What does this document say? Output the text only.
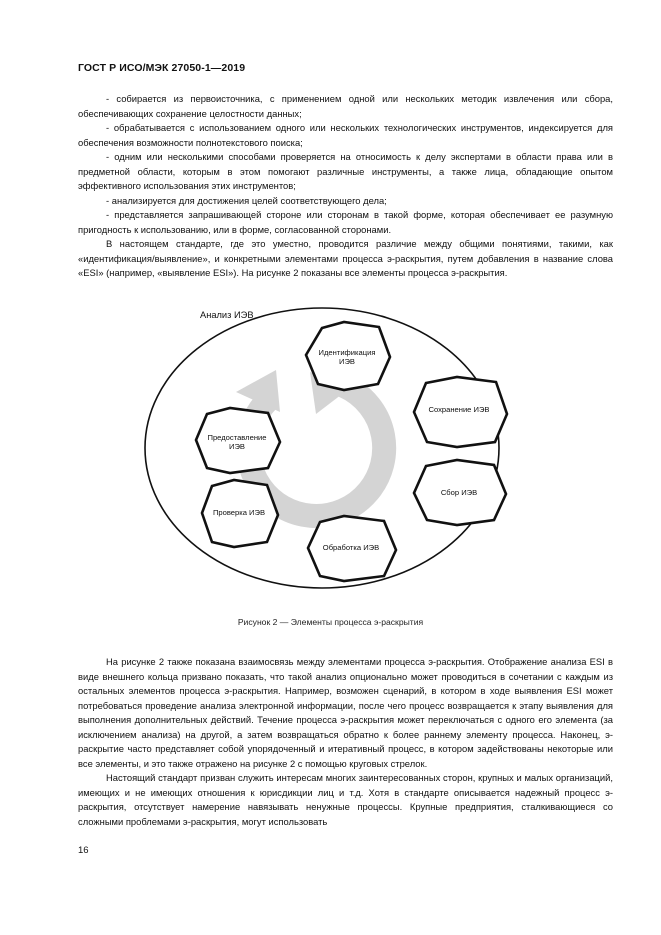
ГОСТ Р ИСО/МЭК 27050-1—2019

- собирается из первоисточника, с применением одной или нескольких методик извлечения или сбора, обеспечивающих сохранение целостности данных;

- обрабатывается с использованием одного или нескольких технологических инструментов, индексируется для обеспечения возможности полнотекстового поиска;

- одним или несколькими способами проверяется на относимость к делу экспертами в области права или в предметной области, которым в этом помогают различные инструменты, а также лица, обладающие опытом эффективного использования этих инструментов;

- анализируется для достижения целей соответствующего дела;

- представляется запрашивающей стороне или сторонам в такой форме, которая обеспечивает ее разумную пригодность к использованию, или в форме, согласованной сторонами.

В настоящем стандарте, где это уместно, проводится различие между общими понятиями, такими, как «идентификация/выявление», и конкретными элементами процесса э-раскрытия, путем добавления в название слова «ESI» (например, «выявление ESI»). На рисунке 2 показаны все элементы процесса э-раскрытия.

Анализ ИЭВ
Идентификация ИЭВ
Сохранение ИЭВ
Сбор ИЭВ
Обработка ИЭВ
Проверка ИЭВ
Предоставление ИЭВ
Рисунок 2 — Элементы процесса э-раскрытия

На рисунке 2 также показана взаимосвязь между элементами процесса э-раскрытия. Отображение анализа ESI в виде внешнего кольца призвано показать, что такой анализ опционально может проводиться в сочетании с каждым из остальных элементов процесса э-раскрытия. Например, возможен сценарий, в котором в ходе выявления ESI может потребоваться проведение анализа электронной информации, после чего процесс возвращается к этапу выявления для выполнения дополнительных действий. Течение процесса э-раскрытия может переключаться с одного его элемента (за исключением анализа) на другой, а затем возвращаться обратно к более раннему элементу процесса. Наконец, э-раскрытие часто представляет собой упорядоченный и итеративный процесс, в котором задействованы некоторые или все элементы, и это также отражено на рисунке 2 с помощью круговых стрелок.

Настоящий стандарт призван служить интересам многих заинтересованных сторон, крупных и малых организаций, имеющих и не имеющих отношения к юрисдикции лиц и т.д. Хотя в стандарте описывается надежный процесс э-раскрытия, отсутствует намерение навязывать ненужные процессы. Крупные предприятия, сталкивающиеся со сложными проблемами э-раскрытия, могут использовать

16
